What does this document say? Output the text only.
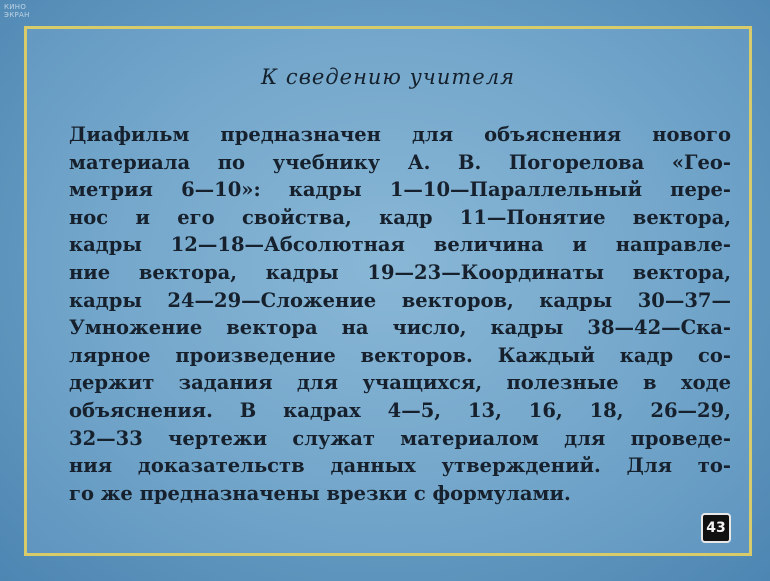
КИНО
ЭКРАН
К сведению учителя

Диафильм предназначен для объяснения нового
материала по учебнику А. В. Погорелова «Гео-
метрия 6—10»: кадры 1—10—Параллельный пере-
нос и его свойства, кадр 11—Понятие вектора,
кадры 12—18—Абсолютная величина и направле-
ние вектора, кадры 19—23—Координаты вектора,
кадры 24—29—Сложение векторов, кадры 30—37—
Умножение вектора на число, кадры 38—42—Ска-
лярное произведение векторов. Каждый кадр со-
держит задания для учащихся, полезные в ходе
объяснения. В кадрах 4—5, 13, 16, 18, 26—29,
32—33 чертежи служат материалом для проведе-
ния доказательств данных утверждений. Для то-
го же предназначены врезки с формулами.

43
